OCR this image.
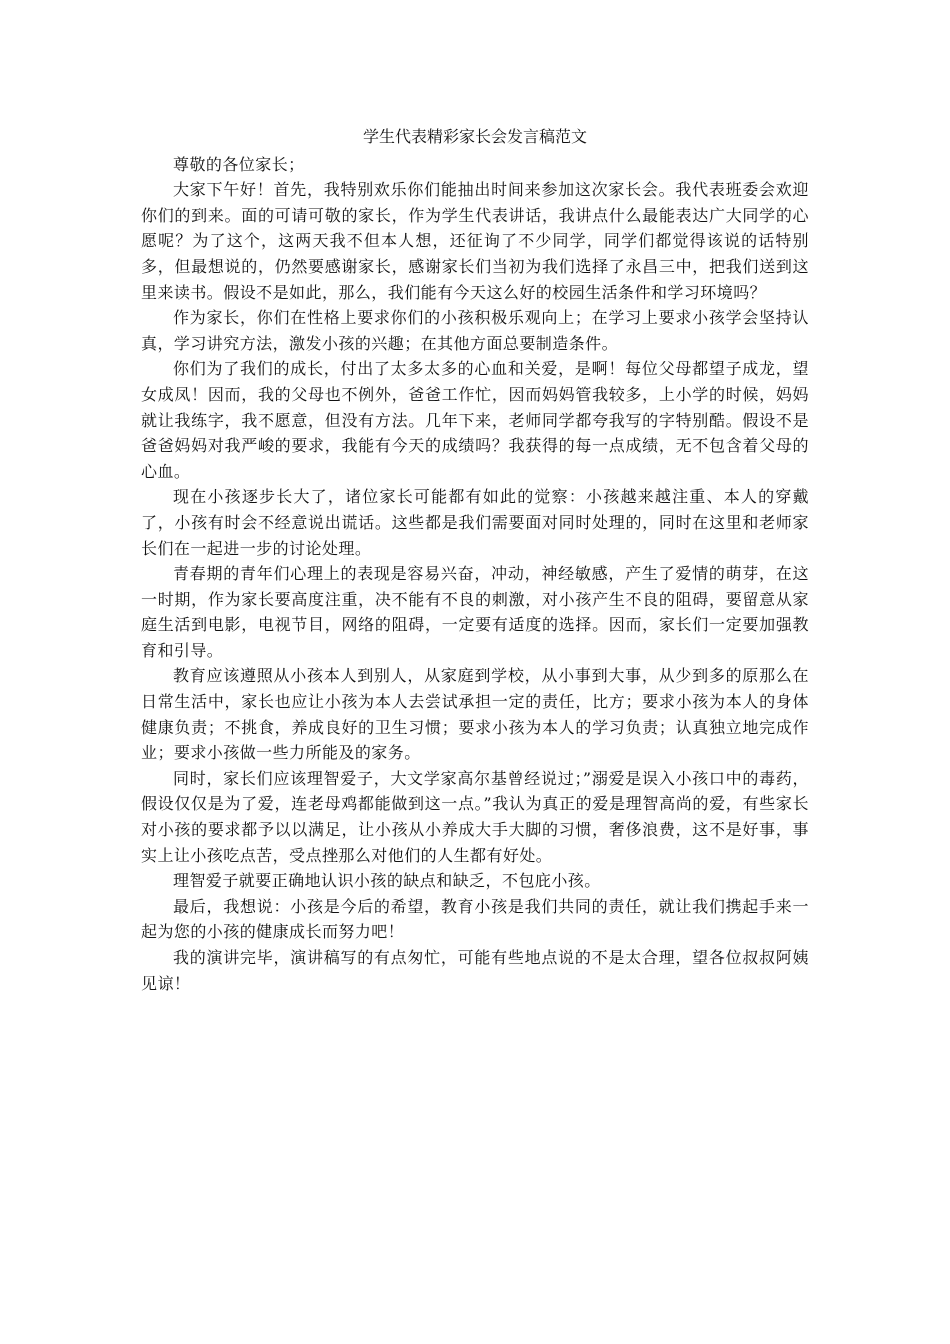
学生代表精彩家长会发言稿范文

尊敬的各位家长；

大家下午好！首先，我特别欢乐你们能抽出时间来参加这次家长会。我代表班委会欢迎你们的到来。面的可请可敬的家长，作为学生代表讲话，我讲点什么最能表达广大同学的心愿呢？为了这个，这两天我不但本人想，还征询了不少同学，同学们都觉得该说的话特别多，但最想说的，仍然要感谢家长，感谢家长们当初为我们选择了永昌三中，把我们送到这里来读书。假设不是如此，那么，我们能有今天这么好的校园生活条件和学习环境吗？

作为家长，你们在性格上要求你们的小孩积极乐观向上；在学习上要求小孩学会坚持认真，学习讲究方法，激发小孩的兴趣；在其他方面总要制造条件。

你们为了我们的成长，付出了太多太多的心血和关爱，是啊！每位父母都望子成龙，望女成凤！因而，我的父母也不例外，爸爸工作忙，因而妈妈管我较多，上小学的时候，妈妈就让我练字，我不愿意，但没有方法。几年下来，老师同学都夸我写的字特别酷。假设不是爸爸妈妈对我严峻的要求，我能有今天的成绩吗？我获得的每一点成绩，无不包含着父母的心血。

现在小孩逐步长大了，诸位家长可能都有如此的觉察：小孩越来越注重、本人的穿戴了，小孩有时会不经意说出谎话。这些都是我们需要面对同时处理的，同时在这里和老师家长们在一起进一步的讨论处理。

青春期的青年们心理上的表现是容易兴奋，冲动，神经敏感，产生了爱情的萌芽，在这一时期，作为家长要高度注重，决不能有不良的刺激，对小孩产生不良的阻碍，要留意从家庭生活到电影，电视节目，网络的阻碍，一定要有适度的选择。因而，家长们一定要加强教育和引导。

教育应该遵照从小孩本人到别人，从家庭到学校，从小事到大事，从少到多的原那么在日常生活中，家长也应让小孩为本人去尝试承担一定的责任，比方；要求小孩为本人的身体健康负责；不挑食，养成良好的卫生习惯；要求小孩为本人的学习负责；认真独立地完成作业；要求小孩做一些力所能及的家务。

同时，家长们应该理智爱子，大文学家高尔基曾经说过；”溺爱是误入小孩口中的毒药，假设仅仅是为了爱，连老母鸡都能做到这一点。”我认为真正的爱是理智高尚的爱，有些家长对小孩的要求都予以以满足，让小孩从小养成大手大脚的习惯，奢侈浪费，这不是好事，事实上让小孩吃点苦，受点挫那么对他们的人生都有好处。

理智爱子就要正确地认识小孩的缺点和缺乏，不包庇小孩。

最后，我想说：小孩是今后的希望，教育小孩是我们共同的责任，就让我们携起手来一起为您的小孩的健康成长而努力吧！

我的演讲完毕，演讲稿写的有点匆忙，可能有些地点说的不是太合理，望各位叔叔阿姨见谅！
